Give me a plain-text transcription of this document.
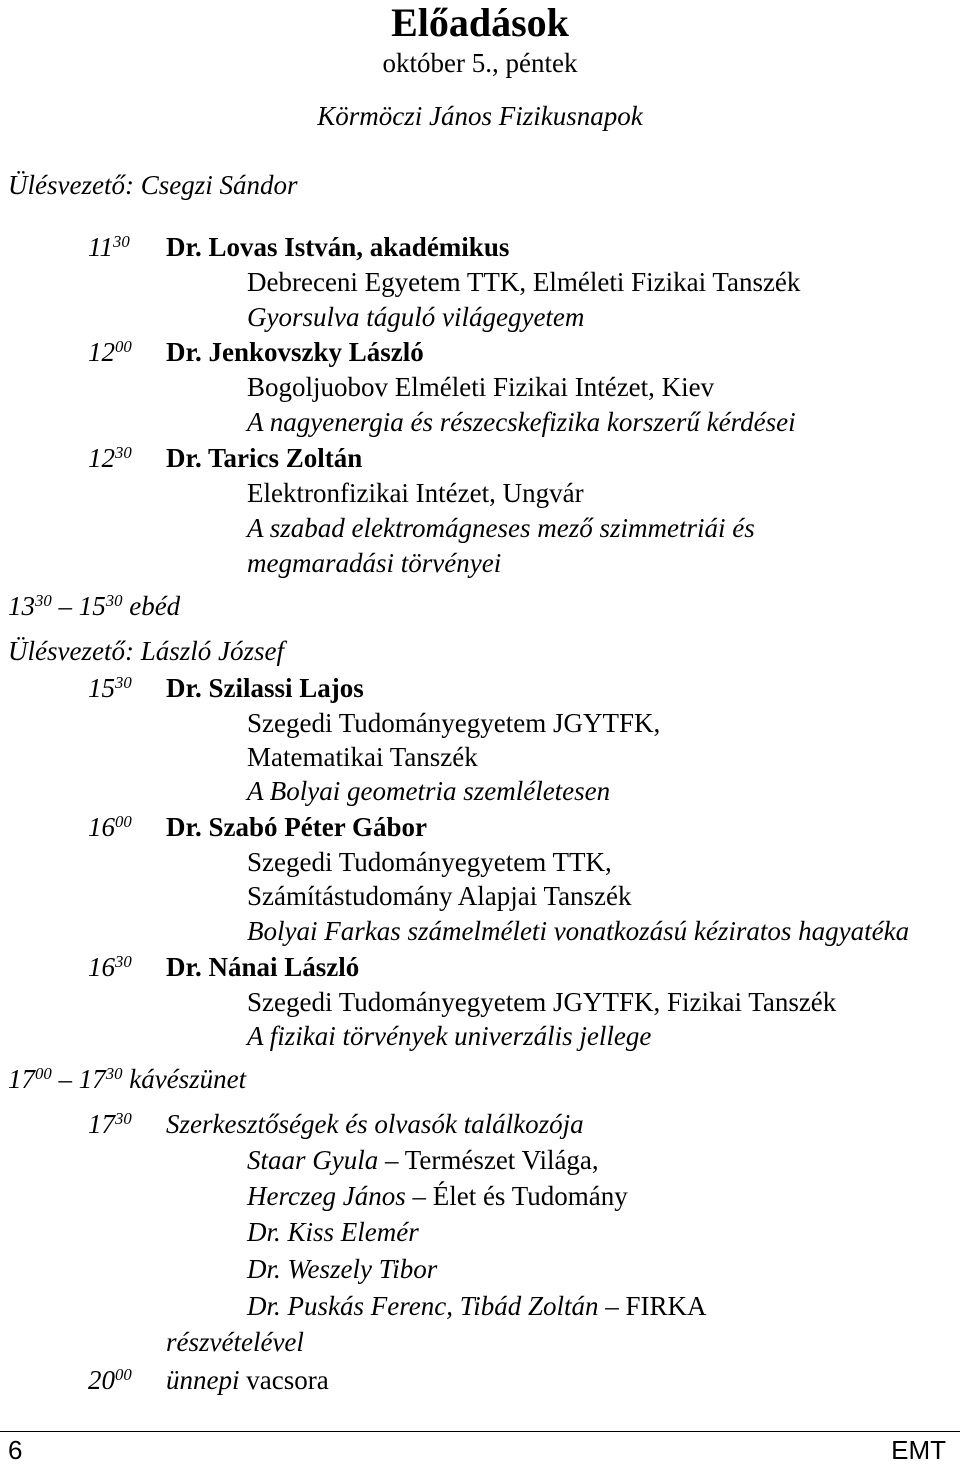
Előadások
október 5., péntek
Körmöczi János Fizikusnapok
Ülésvezető: Csegzi Sándor
$11^{30}$ Dr. Lovas István, akadémikus
Debreceni Egyetem TTK, Elméleti Fizikai Tanszék
Gyorsulva táguló világegyetem
$12^{00}$ Dr. Jenkovszky László
Bogoljuobov Elméleti Fizikai Intézet, Kiev
A nagyenergia és részecskefizika korszerű kérdései
$12^{30}$ Dr. Tarics Zoltán
Elektronfizikai Intézet, Ungvár
A szabad elektromágneses mező szimmetriái és
megmaradási törvényei
$13^{30} - 15^{30}$ ebéd
Ülésvezető: László József
$15^{30}$ Dr. Szilassi Lajos
Szegedi Tudományegyetem JGYTFK,
Matematikai Tanszék
A Bolyai geometria szemléletesen
$16^{00}$ Dr. Szabó Péter Gábor
Szegedi Tudományegyetem TTK,
Számítástudomány Alapjai Tanszék
Bolyai Farkas számelméleti vonatkozású kéziratos hagyatéka
$16^{30}$ Dr. Nánai László
Szegedi Tudományegyetem JGYTFK, Fizikai Tanszék
A fizikai törvények univerzális jellege
$17^{00} - 17^{30}$ kávészünet
$17^{30}$ Szerkesztőségek és olvasók találkozója
Staar Gyula – Természet Világa,
Herczeg János – Élet és Tudomány
Dr. Kiss Elemér
Dr. Weszely Tibor
Dr. Puskás Ferenc, Tibád Zoltán – FIRKA
részvételével
$20^{00}$ ünnepi vacsora
6	EMT
